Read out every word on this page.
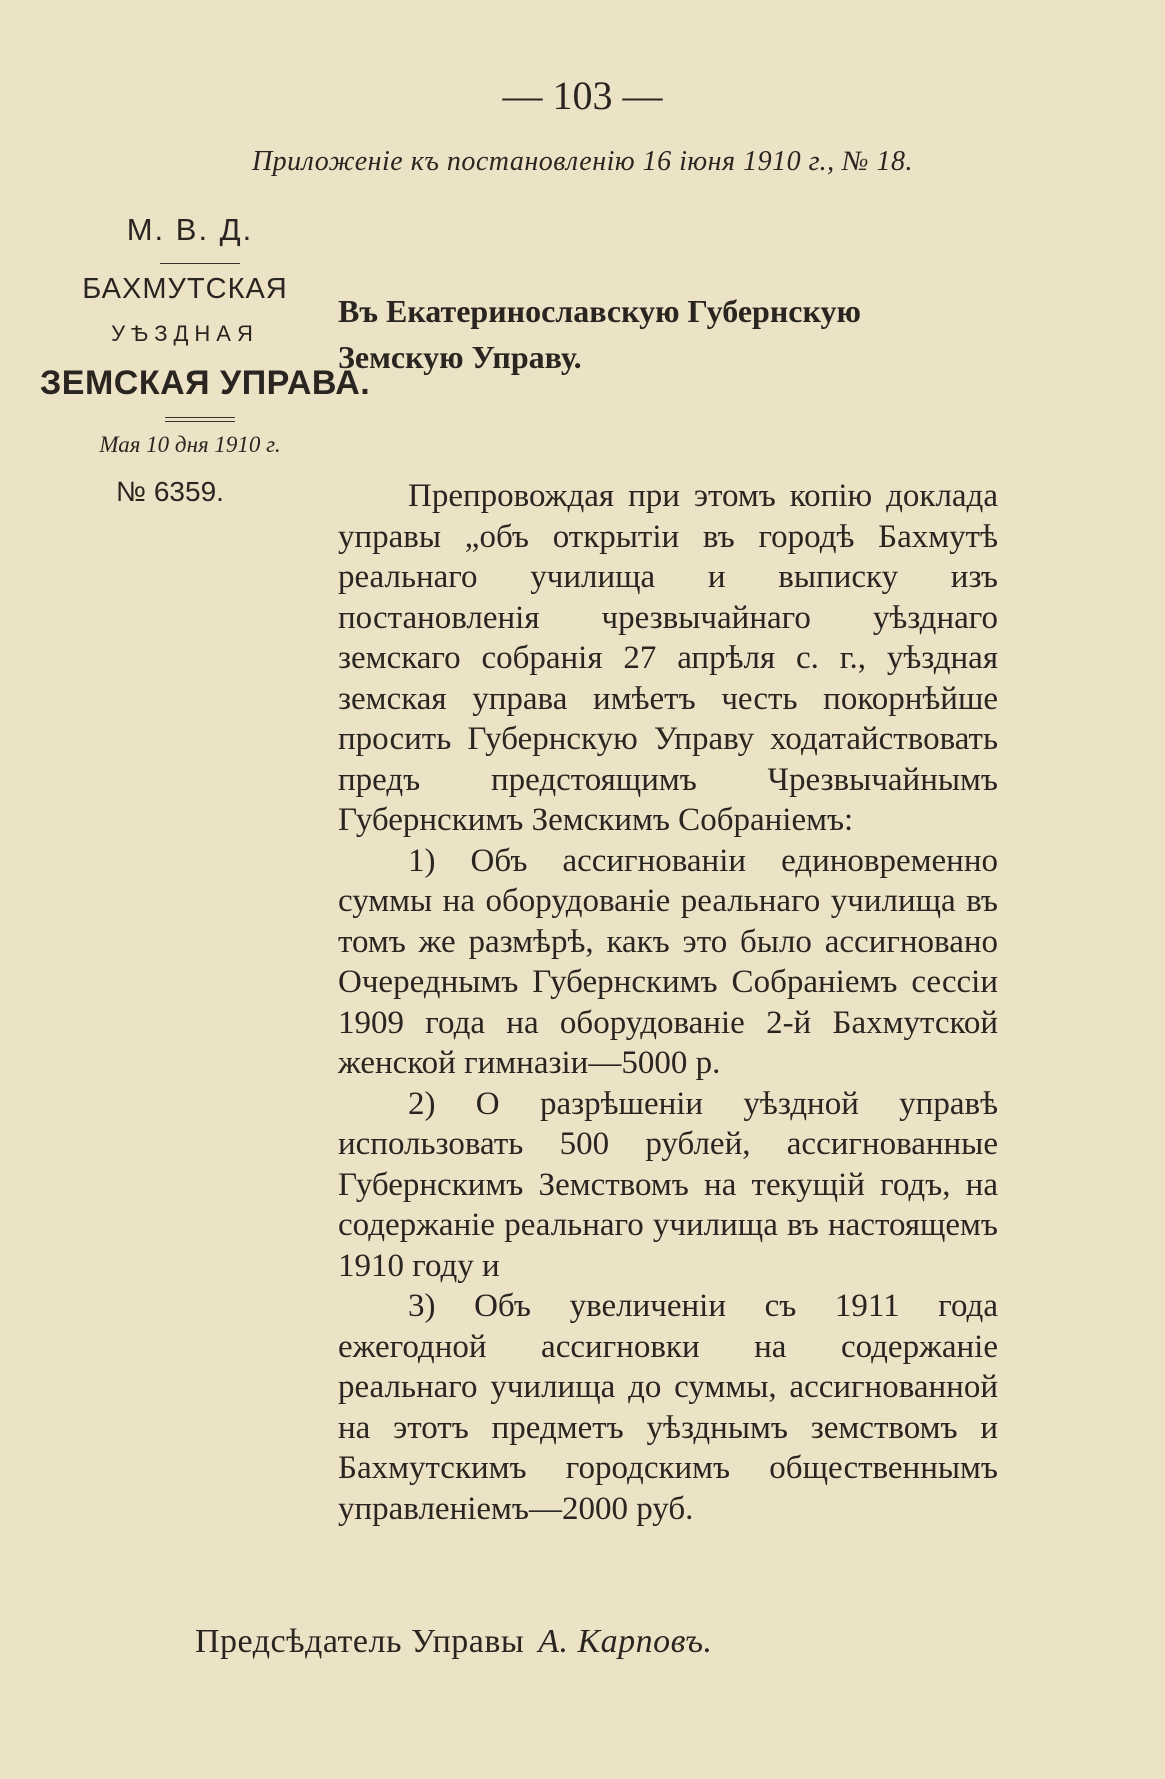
— 103 —
Приложеніе къ постановленію 16 іюня 1910 г., № 18.
М. В. Д.
БАХМУТСКАЯ
УѢЗДНАЯ
ЗЕМСКАЯ УПРАВА.
Мая 10 дня 1910 г.
№ 6359.
Въ Екатеринославскую Губернскую
Земскую Управу.

Препровождая при этомъ копію доклада управы „объ открытіи въ городѣ Бахмутѣ реальнаго училища и выписку изъ постановленія чрезвычайнаго уѣзднаго земскаго собранія 27 апрѣля с. г., уѣздная земская управа имѣетъ честь покорнѣйше просить Губернскую Управу ходатайствовать предъ предстоящимъ Чрезвычайнымъ Губернскимъ Земскимъ Собраніемъ:

1) Объ ассигнованіи единовременно суммы на оборудованіе реальнаго училища въ томъ же размѣрѣ, какъ это было ассигновано Очереднымъ Губернскимъ Собраніемъ сессіи 1909 года на оборудованіе 2-й Бахмутской женской гимназіи—5000 р.

2) О разрѣшеніи уѣздной управѣ использовать 500 рублей, ассигнованные Губернскимъ Земствомъ на текущій годъ, на содержаніе реальнаго училища въ настоящемъ 1910 году и

3) Объ увеличеніи съ 1911 года ежегодной ассигновки на содержаніе реальнаго училища до суммы, ассигнованной на этотъ предметъ уѣзднымъ земствомъ и Бахмутскимъ городскимъ общественнымъ управленіемъ—2000 руб.

Предсѣдатель Управы А. Карповъ.
